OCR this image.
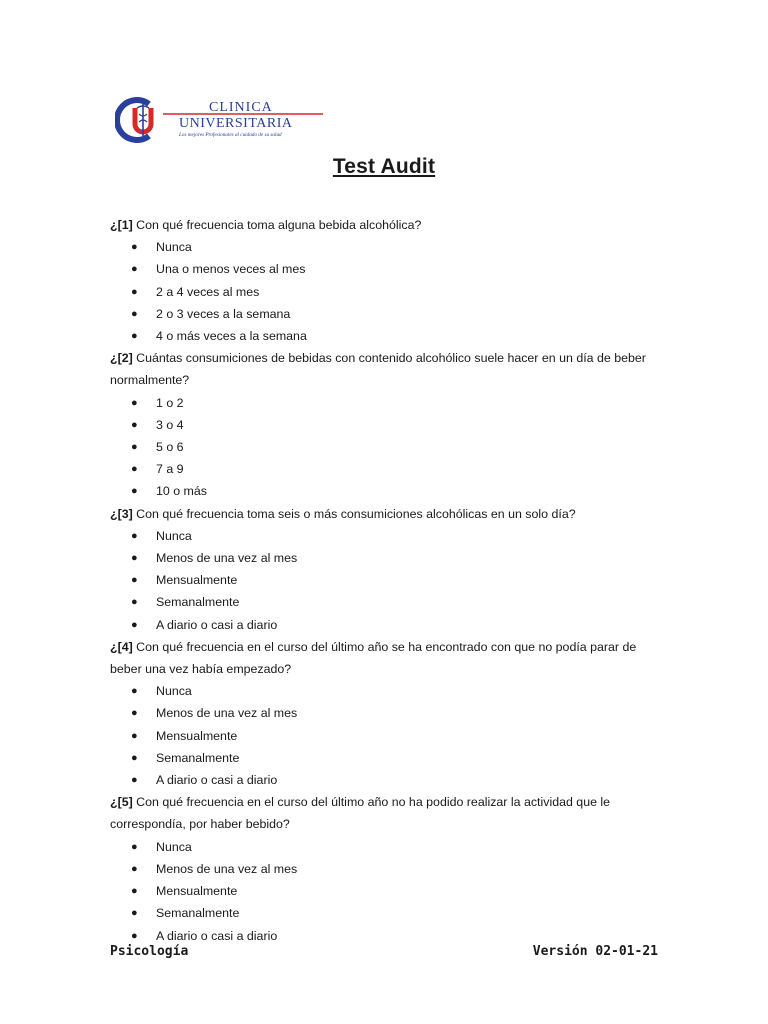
CLINICA
UNIVERSITARIA
Los mejores Profesionales al cuidado de su salud
Test Audit

¿[1] Con qué frecuencia toma alguna bebida alcohólica?

● Nunca
● Una o menos veces al mes
● 2 a 4 veces al mes
● 2 o 3 veces a la semana
● 4 o más veces a la semana

¿[2] Cuántas consumiciones de bebidas con contenido alcohólico suele hacer en un día de beber normalmente?

● 1 o 2
● 3 o 4
● 5 o 6
● 7 a 9
● 10 o más

¿[3] Con qué frecuencia toma seis o más consumiciones alcohólicas en un solo día?

● Nunca
● Menos de una vez al mes
● Mensualmente
● Semanalmente
● A diario o casi a diario

¿[4] Con qué frecuencia en el curso del último año se ha encontrado con que no podía parar de beber una vez había empezado?

● Nunca
● Menos de una vez al mes
● Mensualmente
● Semanalmente
● A diario o casi a diario

¿[5] Con qué frecuencia en el curso del último año no ha podido realizar la actividad que le correspondía, por haber bebido?

● Nunca
● Menos de una vez al mes
● Mensualmente
● Semanalmente
● A diario o casi a diario
Psicología	Versión 02-01-21
